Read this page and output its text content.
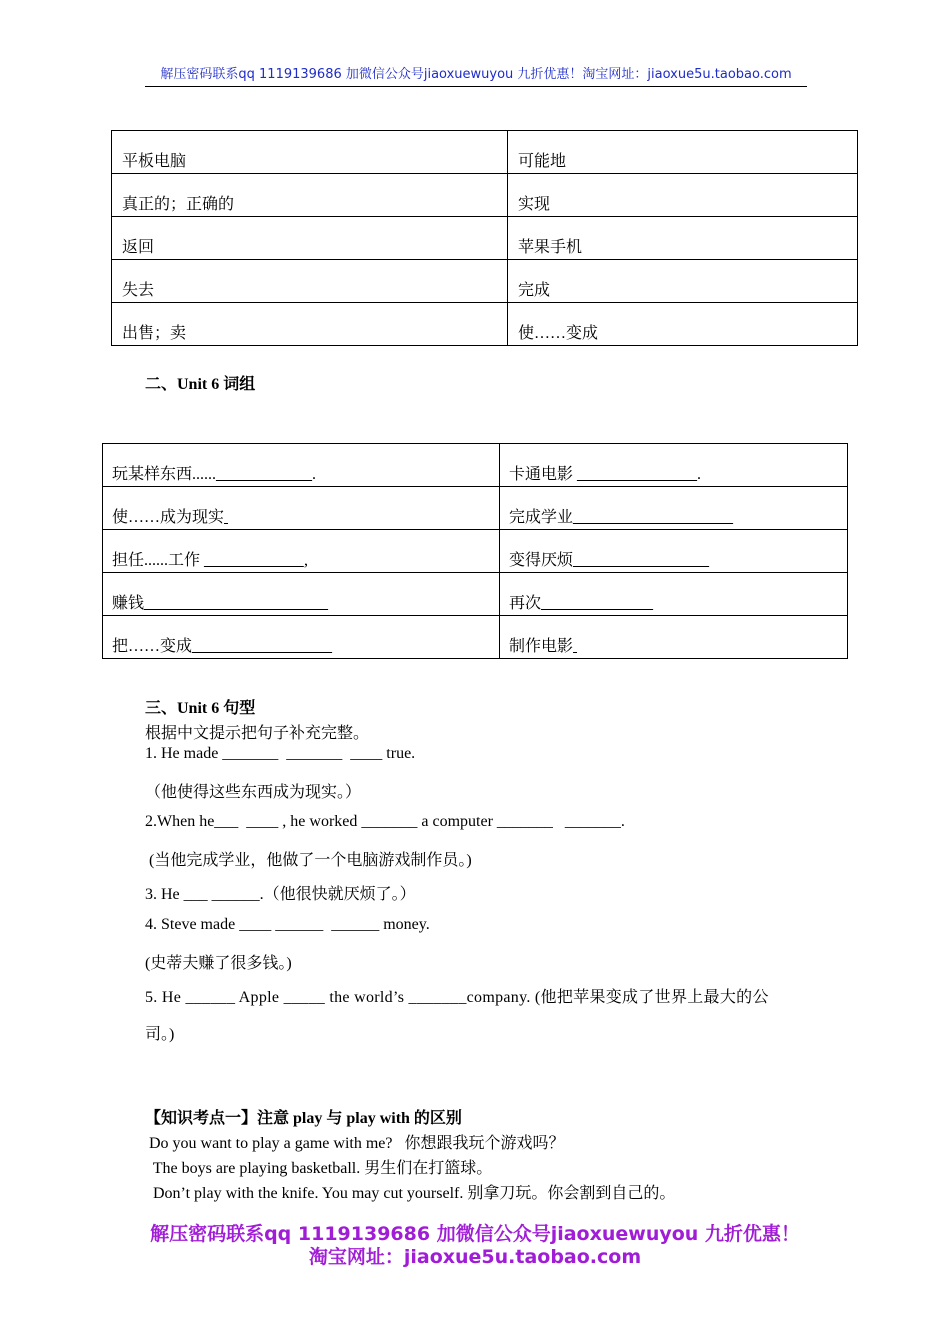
解压密码联系qq 1119139686 加微信公众号jiaoxuewuyou 九折优惠！淘宝网址：jiaoxue5u.taobao.com
平板电脑	可能地
真正的；正确的	实现
返回	苹果手机
失去	完成
出售；卖	使……变成
二、Unit 6 词组
玩某样东西......______  _____.	卡通电影 ________  ______.
使……成为现实	完成学业________  ___________
担任......工作 _____   ______,	变得厌烦_______    ________
赚钱__________  ____________	再次________  _____
把……变成_______   _________	制作电影
三、Unit 6 句型
根据中文提示把句子补充完整。
1. He made _______  _______  ____ true.
（他使得这些东西成为现实。）
2.When he___  ____ , he worked _______ a computer _______   _______.
(当他完成学业，他做了一个电脑游戏制作员。)
3. He ___ ______.（他很快就厌烦了。）
4. Steve made ____ ______  ______ money.
(史蒂夫赚了很多钱。)
5. He ______ Apple _____ the world’s _______company. (他把苹果变成了世界上最大的公
司。)
【知识考点一】注意 play 与 play with 的区别
Do you want to play a game with me?   你想跟我玩个游戏吗？
The boys are playing basketball. 男生们在打篮球。
Don’t play with the knife. You may cut yourself. 别拿刀玩。你会割到自己的。
解压密码联系qq 1119139686 加微信公众号jiaoxuewuyou 九折优惠！
淘宝网址：jiaoxue5u.taobao.com
